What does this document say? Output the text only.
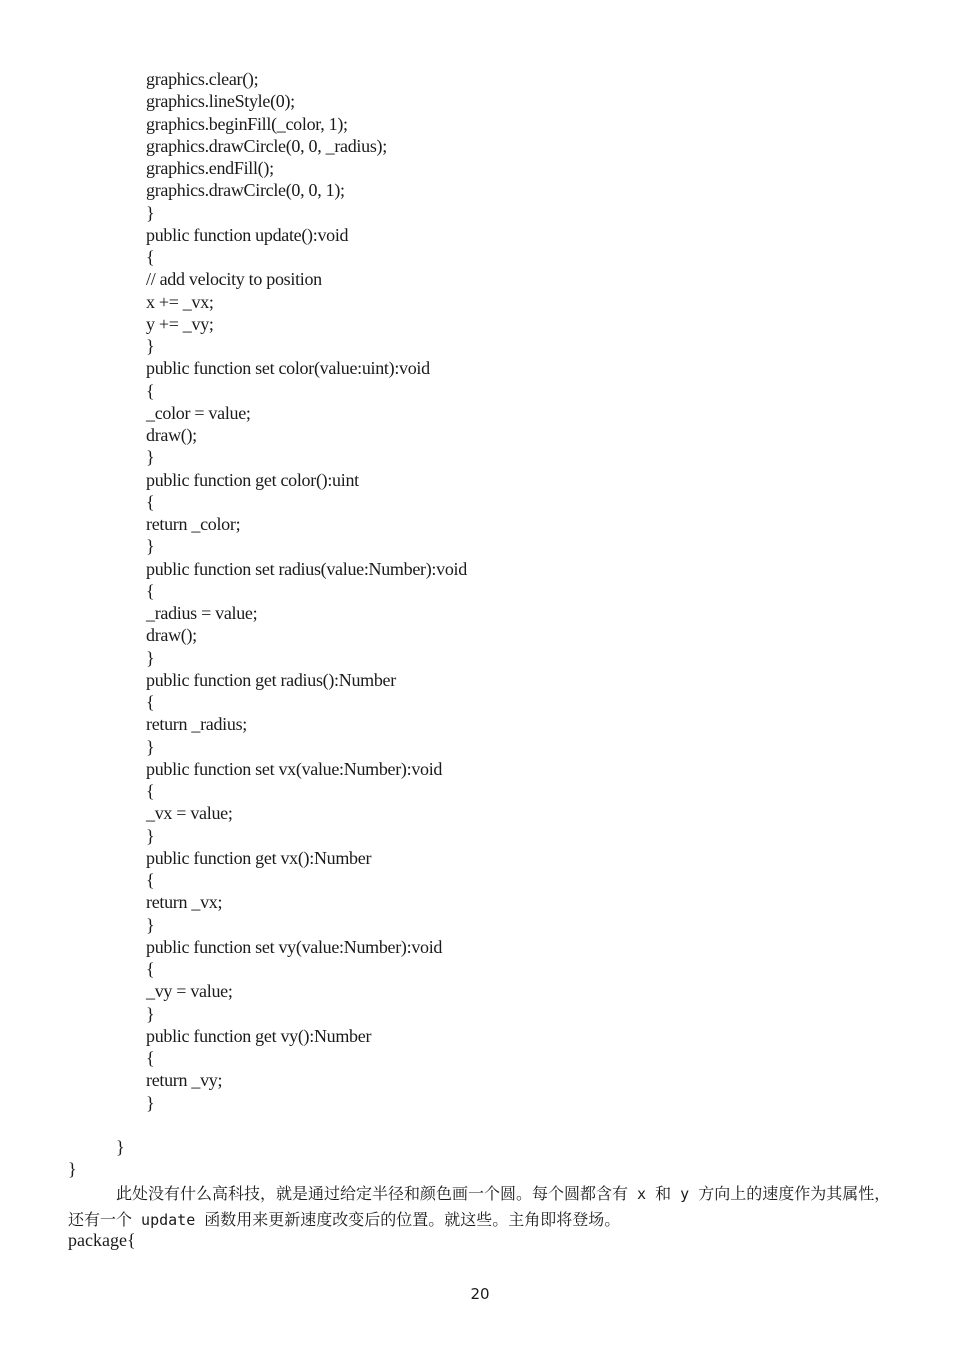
graphics.clear();
graphics.lineStyle(0);
graphics.beginFill(_color, 1);
graphics.drawCircle(0, 0, _radius);
graphics.endFill();
graphics.drawCircle(0, 0, 1);
}
public function update():void
{
// add velocity to position
x += _vx;
y += _vy;
}
public function set color(value:uint):void
{
_color = value;
draw();
}
public function get color():uint
{
return _color;
}
public function set radius(value:Number):void
{
_radius = value;
draw();
}
public function get radius():Number
{
return _radius;
}
public function set vx(value:Number):void
{
_vx = value;
}
public function get vx():Number
{
return _vx;
}
public function set vy(value:Number):void
{
_vy = value;
}
public function get vy():Number
{
return _vy;
}
}
}

此处没有什么高科技，就是通过给定半径和颜色画一个圆。每个圆都含有 x 和 y 方向上的速度作为其属性，还有一个 update 函数用来更新速度改变后的位置。就这些。主角即将登场。

package{
20
